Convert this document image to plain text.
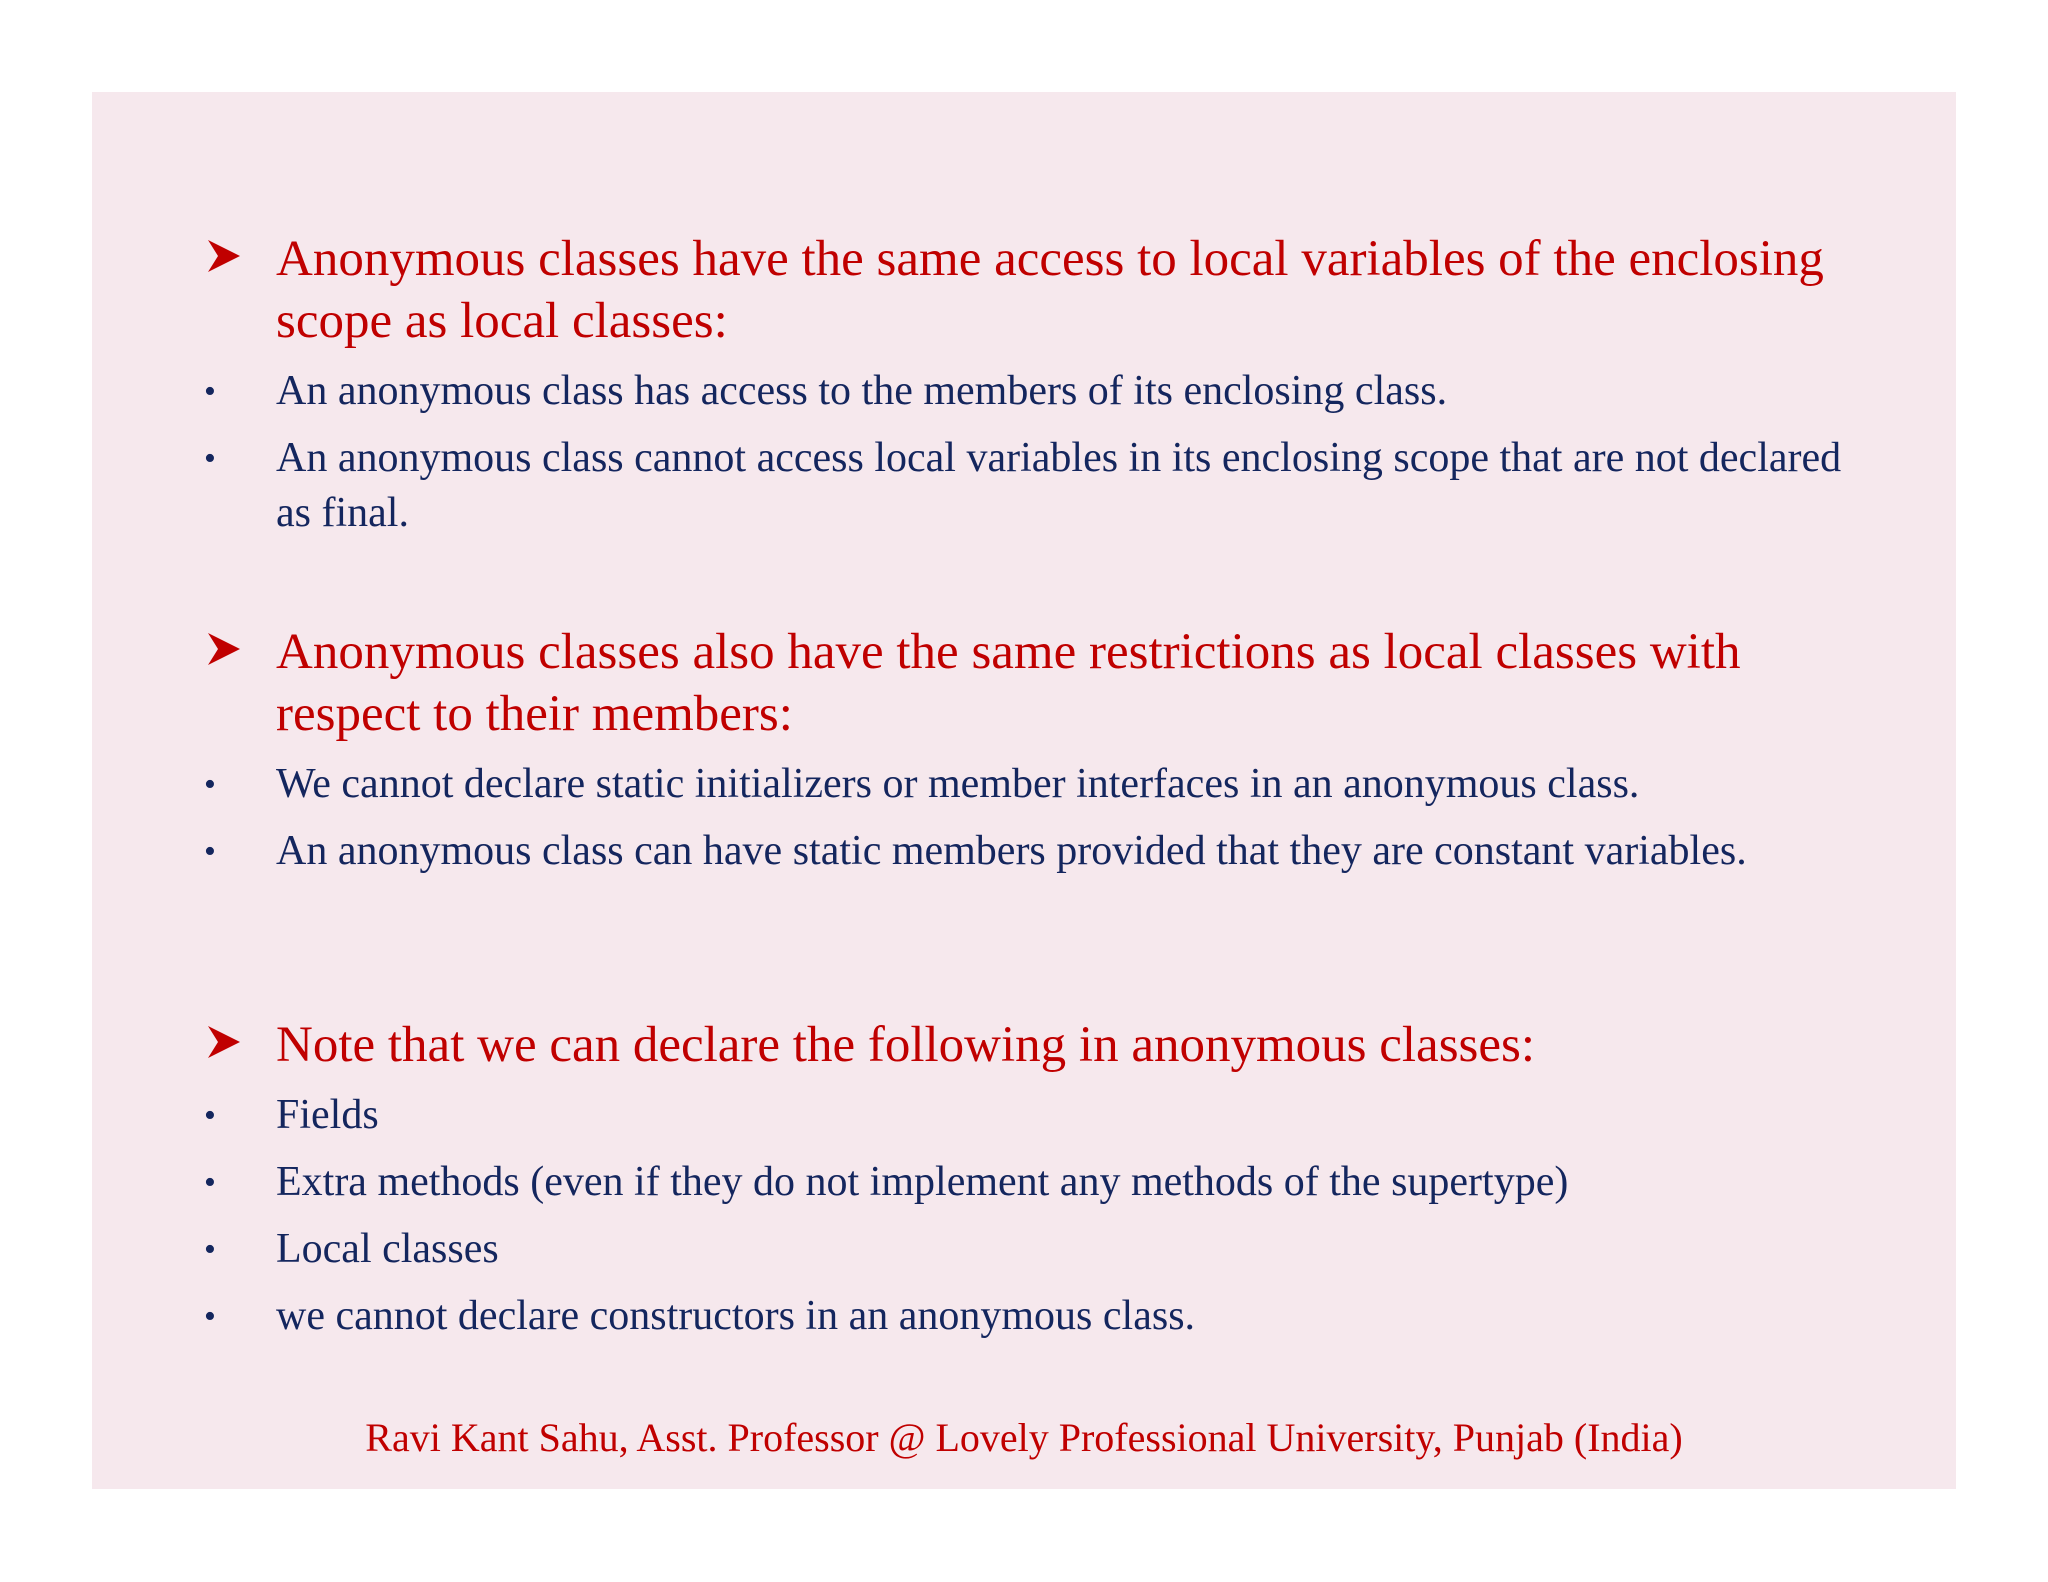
Anonymous classes have the same access to local variables of the enclosing scope as local classes:
• An anonymous class has access to the members of its enclosing class.
• An anonymous class cannot access local variables in its enclosing scope that are not declared as final.
Anonymous classes also have the same restrictions as local classes with respect to their members:
• We cannot declare static initializers or member interfaces in an anonymous class.
• An anonymous class can have static members provided that they are constant variables.
Note that we can declare the following in anonymous classes:
• Fields
• Extra methods (even if they do not implement any methods of the supertype)
• Local classes
• we cannot declare constructors in an anonymous class.
Ravi Kant Sahu, Asst. Professor @ Lovely Professional University, Punjab (India)
